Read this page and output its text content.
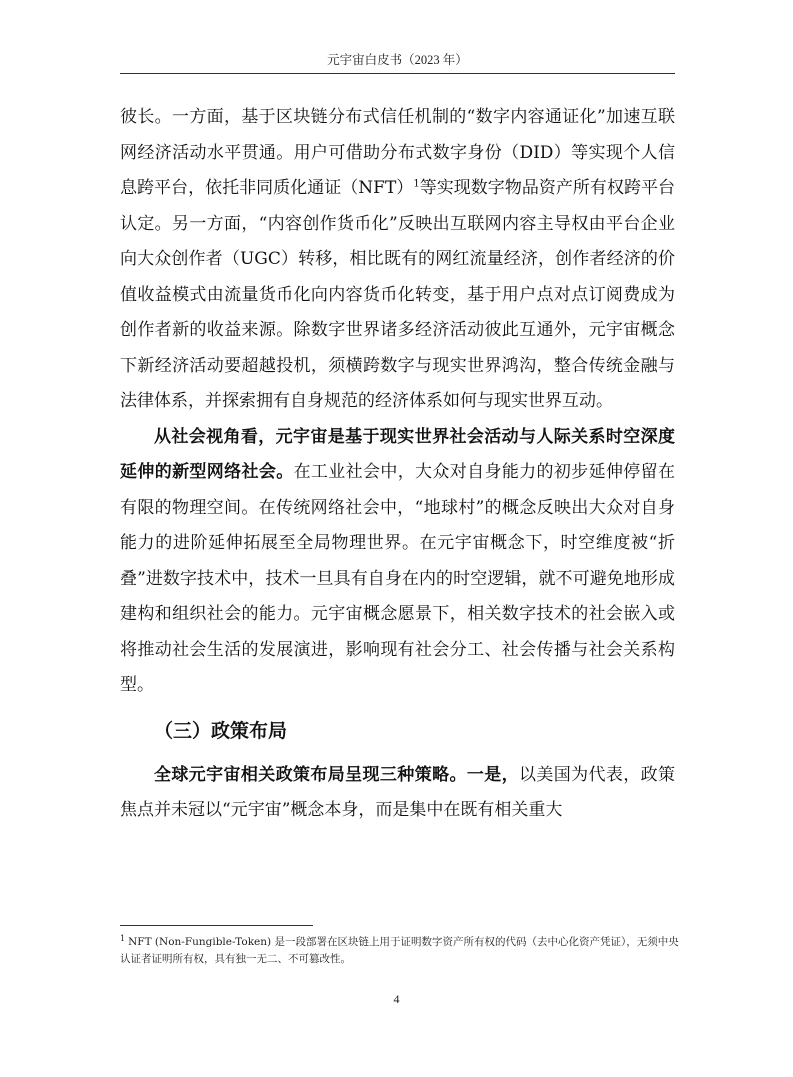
元宇宙白皮书（2023 年）

彼长。一方面，基于区块链分布式信任机制的“数字内容通证化”加速互联网经济活动水平贯通。用户可借助分布式数字身份（DID）等实现个人信息跨平台，依托非同质化通证（NFT）$^1$等实现数字物品资产所有权跨平台认定。另一方面，“内容创作货币化”反映出互联网内容主导权由平台企业向大众创作者（UGC）转移，相比既有的网红流量经济，创作者经济的价值收益模式由流量货币化向内容货币化转变，基于用户点对点订阅费成为创作者新的收益来源。除数字世界诸多经济活动彼此互通外，元宇宙概念下新经济活动要超越投机，须横跨数字与现实世界鸿沟，整合传统金融与法律体系，并探索拥有自身规范的经济体系如何与现实世界互动。

从社会视角看，元宇宙是基于现实世界社会活动与人际关系时空深度延伸的新型网络社会。在工业社会中，大众对自身能力的初步延伸停留在有限的物理空间。在传统网络社会中，“地球村”的概念反映出大众对自身能力的进阶延伸拓展至全局物理世界。在元宇宙概念下，时空维度被“折叠”进数字技术中，技术一旦具有自身在内的时空逻辑，就不可避免地形成建构和组织社会的能力。元宇宙概念愿景下，相关数字技术的社会嵌入或将推动社会生活的发展演进，影响现有社会分工、社会传播与社会关系构型。

（三）政策布局

全球元宇宙相关政策布局呈现三种策略。一是，以美国为代表，政策焦点并未冠以“元宇宙”概念本身，而是集中在既有相关重大

$^1$ NFT (Non-Fungible-Token) 是一段部署在区块链上用于证明数字资产所有权的代码（去中心化资产凭证），无须中央认证者证明所有权，具有独一无二、不可篡改性。
4
